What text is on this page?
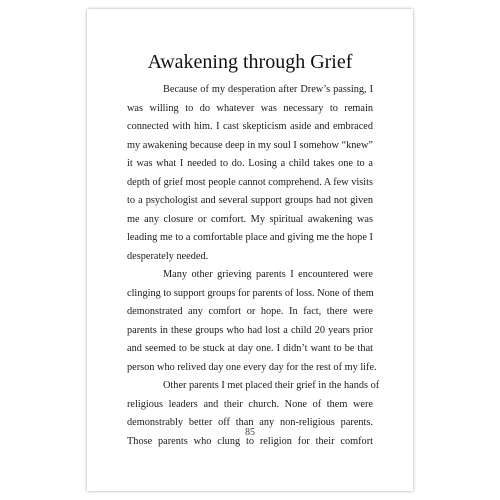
Awakening through Grief
Because of my desperation after Drew’s passing, I
was willing to do whatever was necessary to remain
connected with him. I cast skepticism aside and embraced
my awakening because deep in my soul I somehow “knew”
it was what I needed to do. Losing a child takes one to a
depth of grief most people cannot comprehend. A few visits
to a psychologist and several support groups had not given
me any closure or comfort. My spiritual awakening was
leading me to a comfortable place and giving me the hope I
desperately needed.
Many other grieving parents I encountered were
clinging to support groups for parents of loss. None of them
demonstrated any comfort or hope. In fact, there were
parents in these groups who had lost a child 20 years prior
and seemed to be stuck at day one. I didn’t want to be that
person who relived day one every day for the rest of my life.
Other parents I met placed their grief in the hands of
religious leaders and their church. None of them were
demonstrably better off than any non-religious parents.
Those parents who clung to religion for their comfort
85
